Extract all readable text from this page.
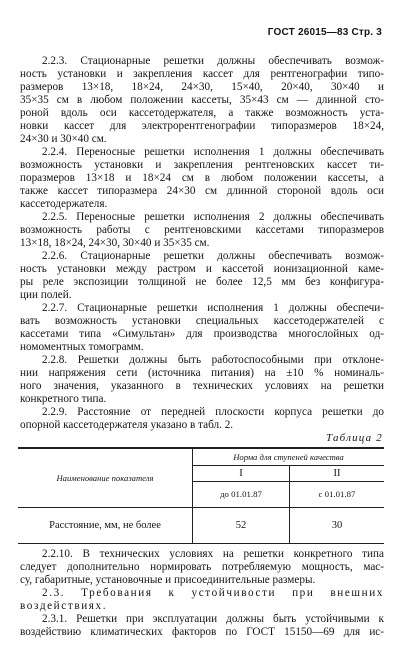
ГОСТ 26015—83 Стр. 3
2.2.3. Стационарные решетки должны обеспечивать возмож-
ность установки и закрепления кассет для рентгенографии типо-
размеров 13×18, 18×24, 24×30, 15×40, 20×40, 30×40 и
35×35 см в любом положении кассеты, 35×43 см — длинной сто-
роной вдоль оси кассетодержателя, а также возможность уста-
новки кассет для электрорентгенографии типоразмеров 18×24,
24×30 и 30×40 см.
2.2.4. Переносные решетки исполнения 1 должны обеспечивать
возможность установки и закрепления рентгеновских кассет ти-
поразмеров 13×18 и 18×24 см в любом положении кассеты, а
также кассет типоразмера 24×30 см длинной стороной вдоль оси
кассетодержателя.
2.2.5. Переносные решетки исполнения 2 должны обеспечивать
возможность работы с рентгеновскими кассетами типоразмеров
13×18, 18×24, 24×30, 30×40 и 35×35 см.
2.2.6. Стационарные решетки должны обеспечивать возмож-
ность установки между растром и кассетой ионизационной каме-
ры реле экспозиции толщиной не более 12,5 мм без конфигура-
ции полей.
2.2.7. Стационарные решетки исполнения 1 должны обеспечи-
вать возможность установки специальных кассетодержателей с
кассетами типа «Симультан» для производства многослойных од-
номоментных томограмм.
2.2.8. Решетки должны быть работоспособными при отклоне-
нии напряжения сети (источника питания) на ±10 % номиналь-
ного значения, указанного в технических условиях на решетки
конкретного типа.
2.2.9. Расстояние от передней плоскости корпуса решетки до
опорной кассетодержателя указано в табл. 2.
Таблица 2
Наименование показателя	Норма для ступеней качества	
	I	II
	до 01.01.87	с 01.01.87
Расстояние, мм, не более	52	30
2.2.10. В технических условиях на решетки конкретного типа
следует дополнительно нормировать потребляемую мощность, мас-
су, габаритные, установочные и присоединительные размеры.
2.3. Требования к устойчивости при внешних
воздействиях.
2.3.1. Решетки при эксплуатации должны быть устойчивыми к
воздействию климатических факторов по ГОСТ 15150—69 для ис-
